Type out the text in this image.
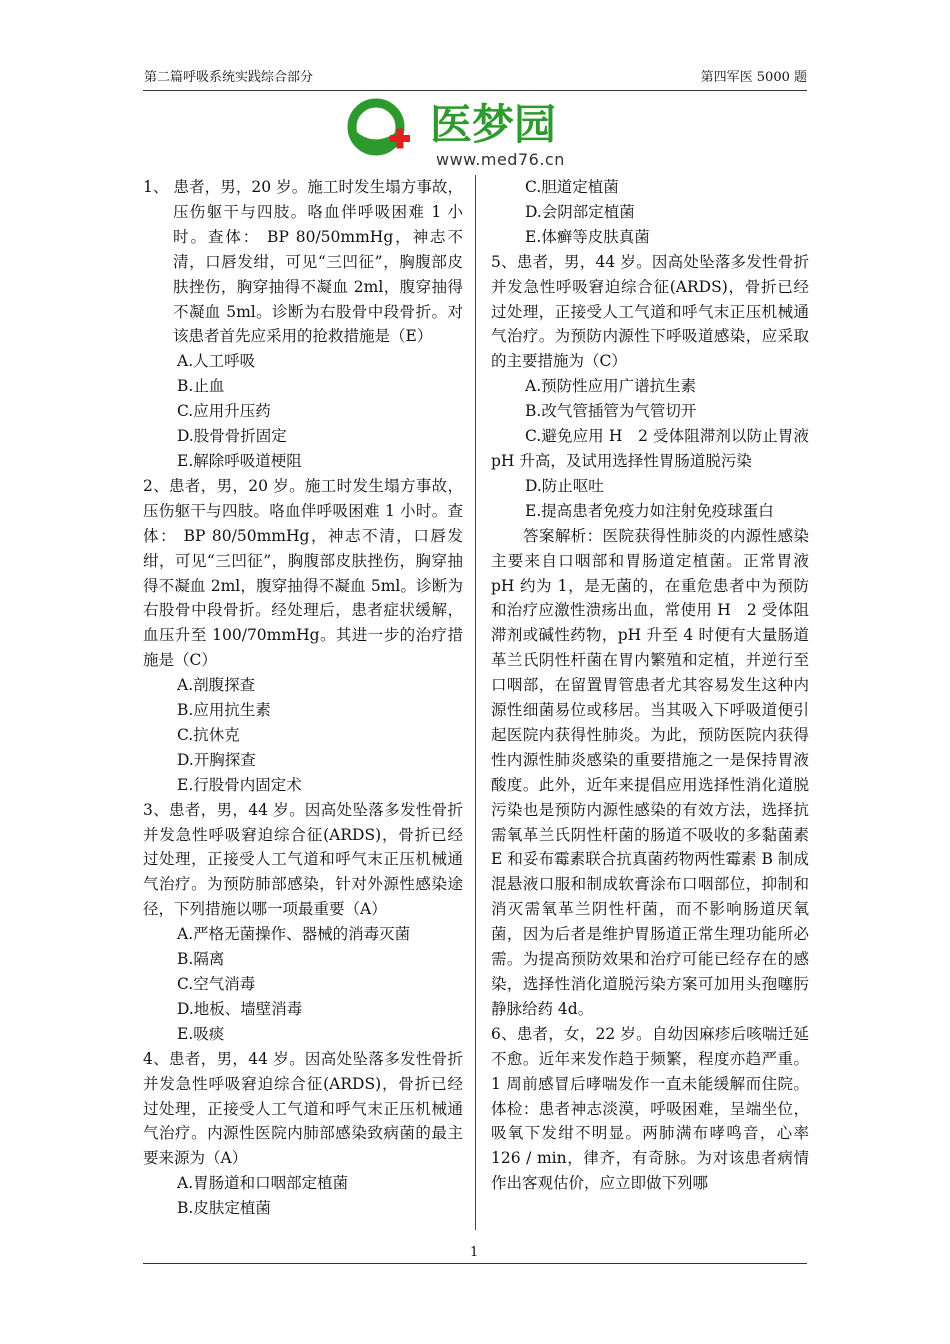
第二篇呼吸系统实践综合部分	第四军医 5000 题
医梦园
www.med76.cn
1、 患者，男，20 岁。施工时发生塌方事故，压伤躯干与四肢。咯血伴呼吸困难 1 小时。查体： BP 80/50mmHg，神志不清，口唇发绀，可见“三凹征”，胸腹部皮肤挫伤，胸穿抽得不凝血 2ml，腹穿抽得不凝血 5ml。诊断为右股骨中段骨折。对该患者首先应采用的抢救措施是（E）
A.人工呼吸
B.止血
C.应用升压药
D.股骨骨折固定
E.解除呼吸道梗阻
2、患者，男，20 岁。施工时发生塌方事故，压伤躯干与四肢。咯血伴呼吸困难 1 小时。查体： BP 80/50mmHg，神志不清，口唇发绀，可见“三凹征”，胸腹部皮肤挫伤，胸穿抽得不凝血 2ml，腹穿抽得不凝血 5ml。诊断为右股骨中段骨折。经处理后，患者症状缓解，血压升至 100/70mmHg。其进一步的治疗措施是（C）
A.剖腹探查
B.应用抗生素
C.抗休克
D.开胸探查
E.行股骨内固定术
3、患者，男，44 岁。因高处坠落多发性骨折并发急性呼吸窘迫综合征(ARDS)，骨折已经过处理，正接受人工气道和呼气末正压机械通气治疗。为预防肺部感染，针对外源性感染途径，下列措施以哪一项最重要（A）
A.严格无菌操作、器械的消毒灭菌
B.隔离
C.空气消毒
D.地板、墙壁消毒
E.吸痰
4、患者，男，44 岁。因高处坠落多发性骨折并发急性呼吸窘迫综合征(ARDS)，骨折已经过处理，正接受人工气道和呼气末正压机械通气治疗。内源性医院内肺部感染致病菌的最主要来源为（A）
A.胃肠道和口咽部定植菌
B.皮肤定植菌
C.胆道定植菌
D.会阴部定植菌
E.体癣等皮肤真菌
5、患者，男，44 岁。因高处坠落多发性骨折并发急性呼吸窘迫综合征(ARDS)，骨折已经过处理，正接受人工气道和呼气末正压机械通气治疗。为预防内源性下呼吸道感染，应采取的主要措施为（C）
A.预防性应用广谱抗生素
B.改气管插管为气管切开
C.避免应用 H　2 受体阻滞剂以防止胃液 pH 升高，及试用选择性胃肠道脱污染
D.防止呕吐
E.提高患者免疫力如注射免疫球蛋白
答案解析：医院获得性肺炎的内源性感染主要来自口咽部和胃肠道定植菌。正常胃液 pH 约为 1，是无菌的，在重危患者中为预防和治疗应激性溃疡出血，常使用 H　2 受体阻滞剂或碱性药物，pH 升至 4 时便有大量肠道革兰氏阴性杆菌在胃内繁殖和定植，并逆行至口咽部，在留置胃管患者尤其容易发生这种内源性细菌易位或移居。当其吸入下呼吸道便引起医院内获得性肺炎。为此，预防医院内获得性内源性肺炎感染的重要措施之一是保持胃液酸度。此外，近年来提倡应用选择性消化道脱污染也是预防内源性感染的有效方法，选择抗需氧革兰氏阴性杆菌的肠道不吸收的多黏菌素 E 和妥布霉素联合抗真菌药物两性霉素 B 制成混悬液口服和制成软膏涂布口咽部位，抑制和消灭需氧革兰阴性杆菌，而不影响肠道厌氧菌，因为后者是维护胃肠道正常生理功能所必需。为提高预防效果和治疗可能已经存在的感染，选择性消化道脱污染方案可加用头孢噻肟静脉给药 4d。
6、患者，女，22 岁。自幼因麻疹后咳喘迁延不愈。近年来发作趋于频繁，程度亦趋严重。1 周前感冒后哮喘发作一直未能缓解而住院。体检：患者神志淡漠，呼吸困难，呈端坐位，吸氧下发绀不明显。两肺满布哮鸣音，心率 126 / min，律齐，有奇脉。为对该患者病情作出客观估价，应立即做下列哪
1
